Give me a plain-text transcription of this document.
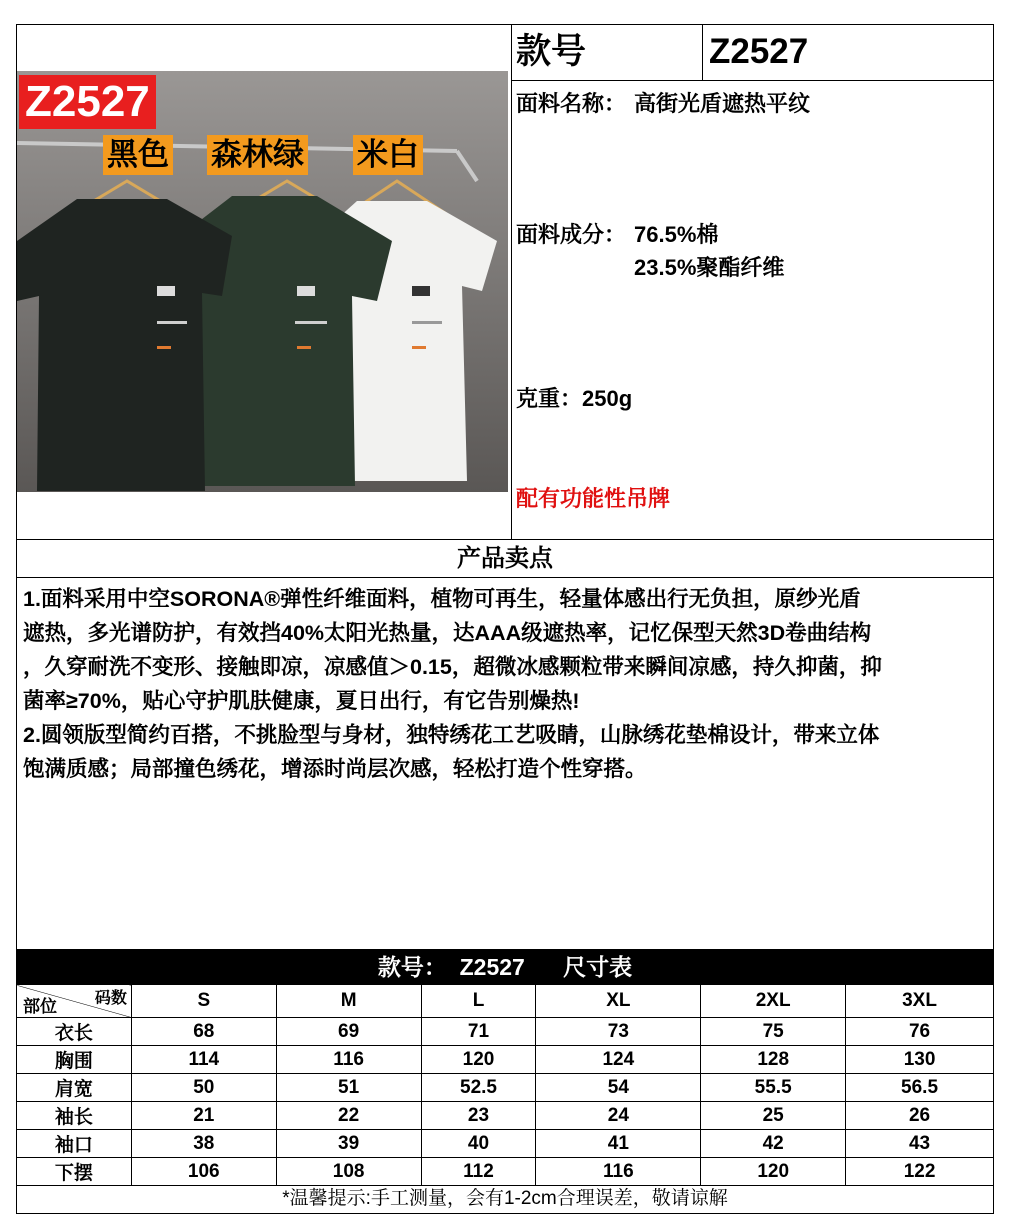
Z2527
黑色 森林绿 米白
款号	Z2527
面料名称： 高街光盾遮热平纹
面料成分： 76.5%棉
23.5%聚酯纤维
克重：250g
配有功能性吊牌
产品卖点
1.面料采用中空SORONA®弹性纤维面料，植物可再生，轻量体感出行无负担，原纱光盾
遮热，多光谱防护，有效挡40%太阳光热量，达AAA级遮热率，记忆保型天然3D卷曲结构
，久穿耐洗不变形、接触即凉，凉感值＞0.15，超微冰感颗粒带来瞬间凉感，持久抑菌，抑
菌率≥70%，贴心守护肌肤健康，夏日出行，有它告别燥热!
2.圆领版型简约百搭，不挑脸型与身材，独特绣花工艺吸睛，山脉绣花垫棉设计，带来立体
饱满质感；局部撞色绣花，增添时尚层次感，轻松打造个性穿搭。
款号：  Z2527      尺寸表
码数
部位	S	M	L	XL	2XL	3XL
衣长	68	69	71	73	75	76
胸围	114	116	120	124	128	130
肩宽	50	51	52.5	54	55.5	56.5
袖长	21	22	23	24	25	26
袖口	38	39	40	41	42	43
下摆	106	108	112	116	120	122
*温馨提示:手工测量，会有1-2cm合理误差，敬请谅解
